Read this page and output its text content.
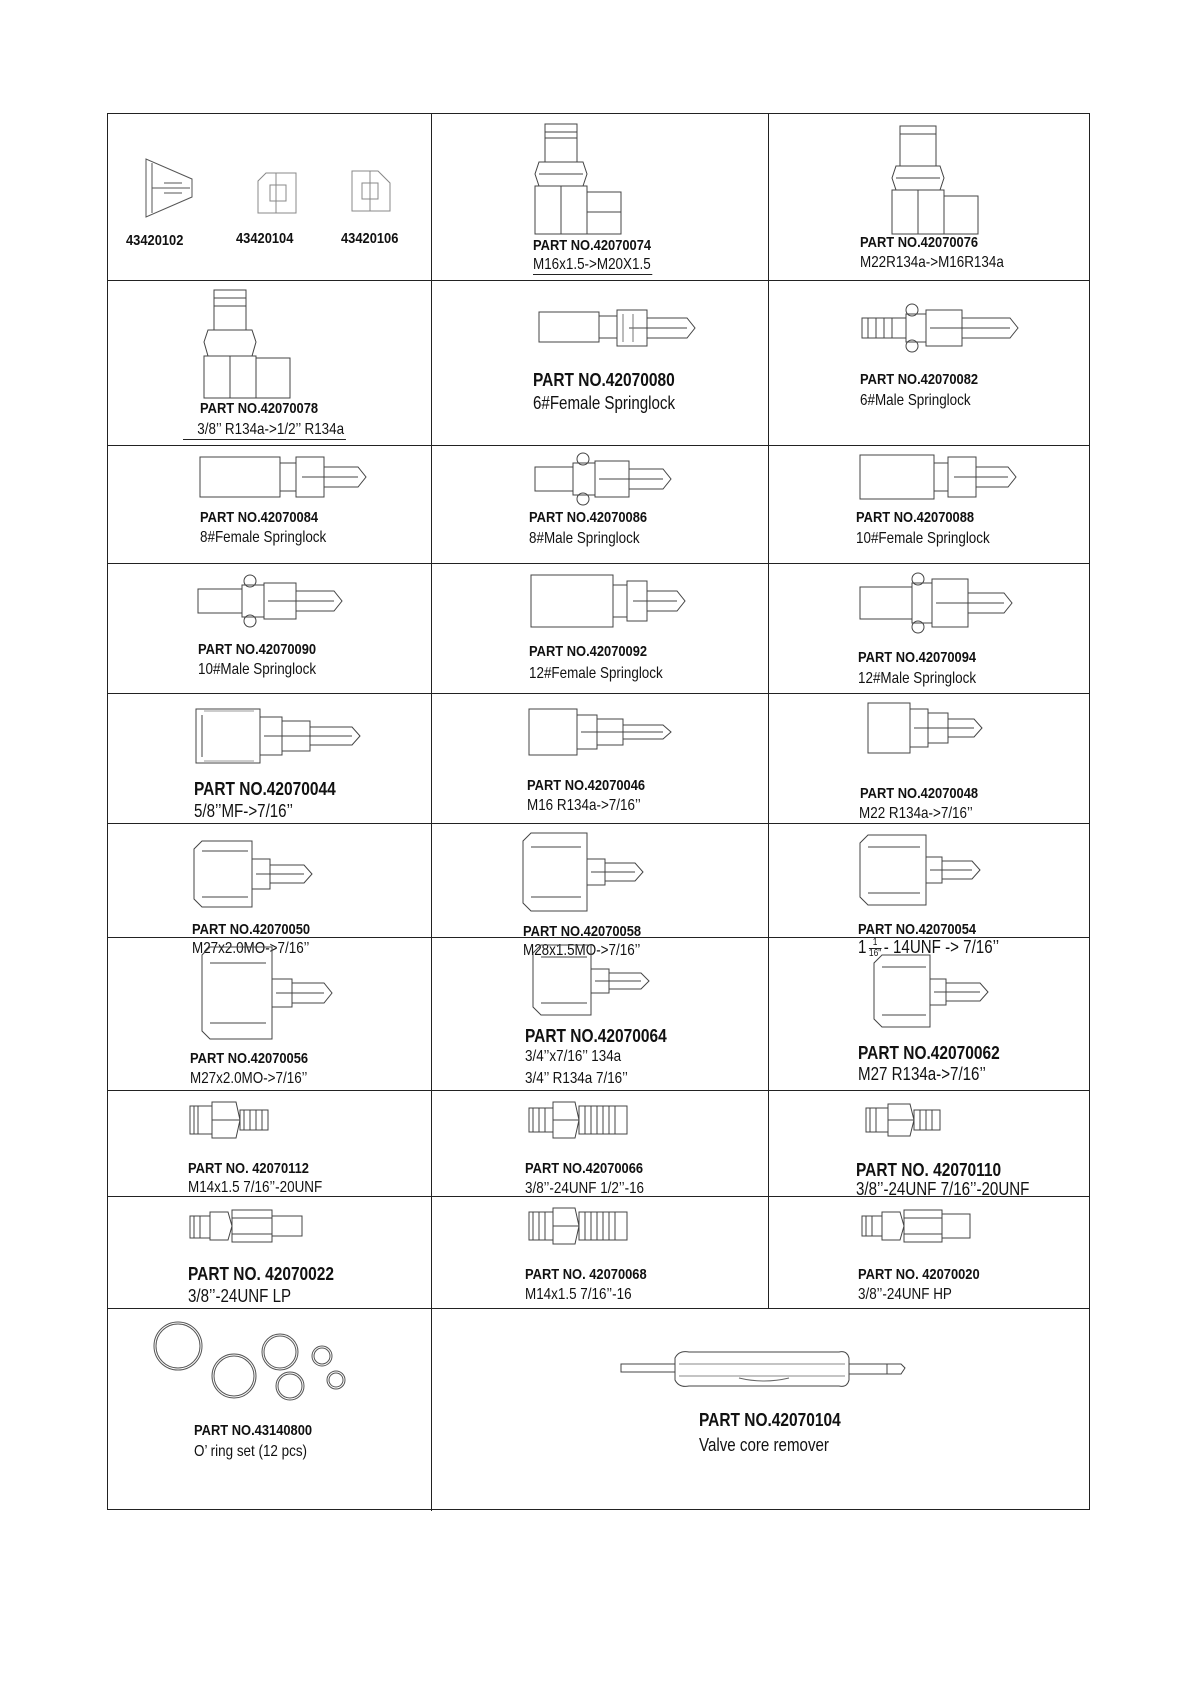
43420102	43420104	43420106	PART NO.42070074
M16x1.5->M20X1.5
PART NO.42070076
M22R134a->M16R134a
PART NO.42070078
3/8’’ R134a->1/2’’ R134a
PART NO.42070080
6#Female Springlock
PART NO.42070082
6#Male Springlock
PART NO.42070084
8#Female Springlock
PART NO.42070086
8#Male Springlock
PART NO.42070088
10#Female Springlock
PART NO.42070090
10#Male Springlock
PART NO.42070092
12#Female Springlock
PART NO.42070094
12#Male Springlock
PART NO.42070044
5/8’’MF->7/16’’
PART NO.42070046
M16 R134a->7/16’’
PART NO.42070048
M22 R134a->7/16’’
PART NO.42070050
M27x2.0MO->7/16’’
PART NO.42070058
M28x1.5MO->7/16’’
PART NO.42070054
$1 \frac{1}{16"} - 14UNF -> 7/16$’’
PART NO.42070056
M27x2.0MO->7/16’’
PART NO.42070064
3/4’’x7/16’’ 134a
3/4’’ R134a 7/16’’
PART NO.42070062
M27 R134a->7/16’’
PART NO. 42070112
M14x1.5 7/16’’-20UNF
PART NO.42070066
3/8’’-24UNF 1/2’’-16
PART NO. 42070110
3/8’’-24UNF 7/16’’-20UNF
PART NO. 42070022
3/8’’-24UNF LP
PART NO. 42070068
M14x1.5 7/16’’-16
PART NO. 42070020
3/8’’-24UNF HP
PART NO.43140800
O’ ring set (12 pcs)
PART NO.42070104
Valve core remover
